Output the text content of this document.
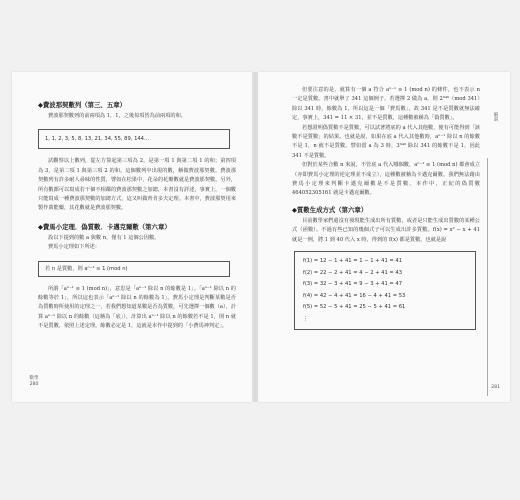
◆費波那契數列（第三、五章）

費波那契數列的前兩項為 1，1，之後每項皆為前兩項的和。

1, 1, 2, 3, 5, 8, 13, 21, 34, 55, 89, 144…

試觀察以上數列，從左方算起第三項為 2，是第一項 1 與第二項 1 的和；第四項為 3，是第二項 1 與第三項 2 的和。這個數列中出現的數，稱做費波那契數。費波那契數列有許多耐人尋味的性質，譬如在松果中，花朵的花瓣數就是費波那契數。另外，所有數都可以寫成若干個不相鄰的費波那契數之加總，本書沒有詳述，事實上，一個數只能寫成一種費波那契數的加總方式，這又叫做齊肯多夫定理。本書中，費波那契用來製作萬能藥，其花數就是費波那契數。

◆費馬小定理．偽質數．卡邁克爾數（第六章）

設以下提到的數 a 與數 n，僅有 1 這個公因數。

費馬小定理如下所述：

若 n 是質數，則 aⁿ⁻¹ ≡ 1 (mod n)

所謂「aⁿ⁻¹ ≡ 1 (mod n)」，意思是「aⁿ⁻¹ 除以 n 的餘數是 1」。「aⁿ⁻¹ 除以 n 的餘數等於 1」，所以這也表示「aⁿ⁻¹ 除以 n 的餘數為 1」。費馬小定理是判斷某數是否為質數時所使用的定理之一，若我們想知道某數是否為質數，可先選擇一個數（a），計算 aⁿ⁻¹ 除以 n 的餘數（這稱為「底」），計算出 aⁿ⁻¹ 除以 n 的餘數若不是 1，則 n 就不是質數，依照上述定理，餘數必定是 1，這就是本作中提到的「小費馬神判定」。

數學
280

但要注意的是，就算有一個 a 符合 aⁿ⁻¹ ≡ 1 (mod n) 的條件，也不表示 n 一定是質數。書中就舉了 341 這個例子。若選擇 2 做為 a，則 2³⁴⁰（mod 341）除以 341 時，餘數為 1，所以這是一個「費馬數」，故 341 是不是質數就無法確定，事實上，341 = 11 × 31，並不是質數，這種數被稱為「偽質數」。

若想證明偽質數不是質數，可以試著將底的 a 代入其他數，便有可能得到「該數不是質數」的結果。也就是說，如果在底 a 代入其他數時，aⁿ⁻¹ 除以 n 的餘數不是 1，n 就不是質數。譬如當 a 為 3 時，3³⁴⁰ 除以 341 的餘數不是 1，因此 341 不是質數。

但對於某些合數 n 來說，不管底 a 代入哪個數，aⁿ⁻¹ ≡ 1 (mod n) 都會成立（亦即費馬小定理的逆定理並不成立），這種數被稱為卡邁克爾數。我們無法藉由費馬小定理來判斷卡邁克爾數是不是質數。本作中，正紀的偽質數 464052305161 就是卡邁克爾數。

◆質數生成方式（第六章）

目前數學家們還沒有發現能生成出所有質數，或者是只能生成出質數的某種公式（函數）。不過有些已知的幾個式子可以生成出許多質數。f(x) = x² − x + 41 就是一例，將 1 到 40 代入 x 時，得到的 f(x) 都是質數，也就是說

f(1) = 12 − 1 + 41 = 1 − 1 + 41 = 41
f(2) = 22 − 2 + 41 = 4 − 2 + 41 = 43
f(3) = 32 − 3 + 41 = 9 − 3 + 41 = 47
f(4) = 42 − 4 + 41 = 16 − 4 + 41 = 53
f(5) = 52 − 5 + 41 = 25 − 5 + 41 = 61
⋮
解說
281
